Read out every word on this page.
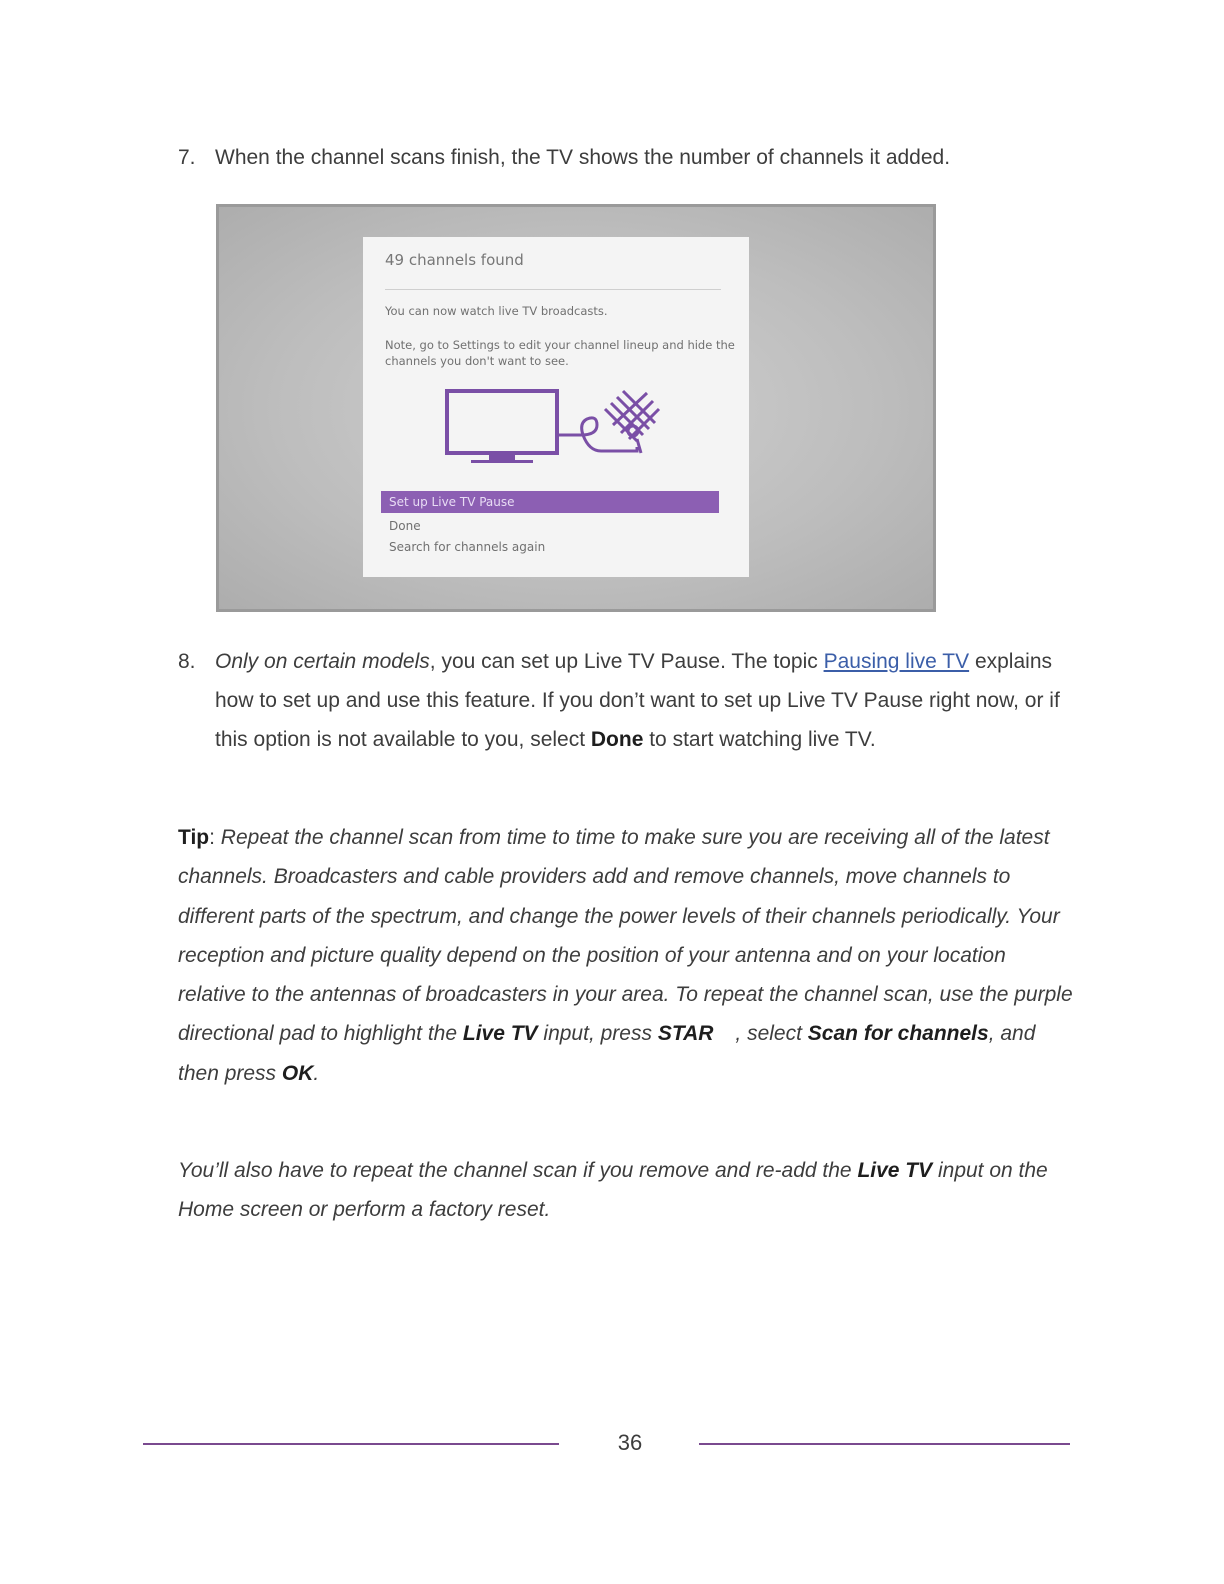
7. When the channel scans finish, the TV shows the number of channels it added.
49 channels found
You can now watch live TV broadcasts.
Note, go to Settings to edit your channel lineup and hide the channels you don't want to see.
Set up Live TV Pause
Done
Search for channels again
8. Only on certain models, you can set up Live TV Pause. The topic Pausing live TV explains how to set up and use this feature. If you don’t want to set up Live TV Pause right now, or if this option is not available to you, select Done to start watching live TV.
Tip: Repeat the channel scan from time to time to make sure you are receiving all of the latest channels. Broadcasters and cable providers add and remove channels, move channels to different parts of the spectrum, and change the power levels of their channels periodically. Your reception and picture quality depend on the position of your antenna and on your location relative to the antennas of broadcasters in your area. To repeat the channel scan, use the purple directional pad to highlight the Live TV input, press STAR , select Scan for channels, and then press OK.
You’ll also have to repeat the channel scan if you remove and re-add the Live TV input on the Home screen or perform a factory reset.
36
